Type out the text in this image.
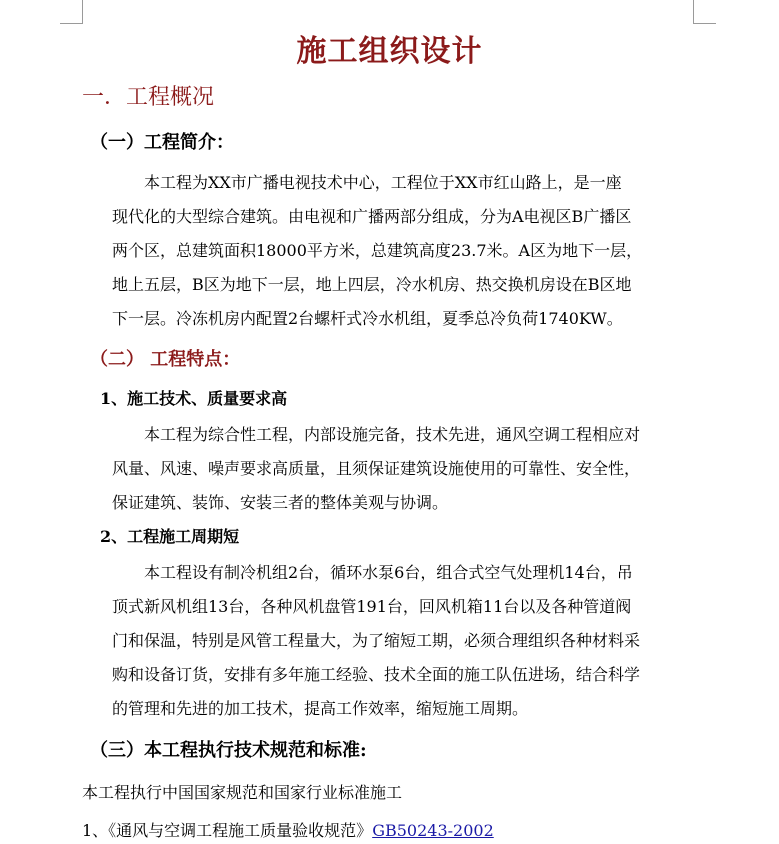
施工组织设计
一．工程概况
（一）工程简介：
本工程为XX市广播电视技术中心，工程位于XX市红山路上，是一座
现代化的大型综合建筑。由电视和广播两部分组成，分为A电视区B广播区
两个区，总建筑面积18000平方米，总建筑高度23.7米。A区为地下一层，
地上五层，B区为地下一层，地上四层，冷水机房、热交换机房设在B区地
下一层。冷冻机房内配置2台螺杆式冷水机组，夏季总冷负荷1740KW。
（二） 工程特点：
1、施工技术、质量要求高
本工程为综合性工程，内部设施完备，技术先进，通风空调工程相应对
风量、风速、噪声要求高质量，且须保证建筑设施使用的可靠性、安全性，
保证建筑、装饰、安装三者的整体美观与协调。
2、工程施工周期短
本工程设有制冷机组2台，循环水泵6台，组合式空气处理机14台，吊
顶式新风机组13台，各种风机盘管191台，回风机箱11台以及各种管道阀
门和保温，特别是风管工程量大，为了缩短工期，必须合理组织各种材料采
购和设备订货，安排有多年施工经验、技术全面的施工队伍进场，结合科学
的管理和先进的加工技术，提高工作效率，缩短施工周期。
（三）本工程执行技术规范和标准:
本工程执行中国国家规范和国家行业标准施工
1、《通风与空调工程施工质量验收规范》GB50243-2002
